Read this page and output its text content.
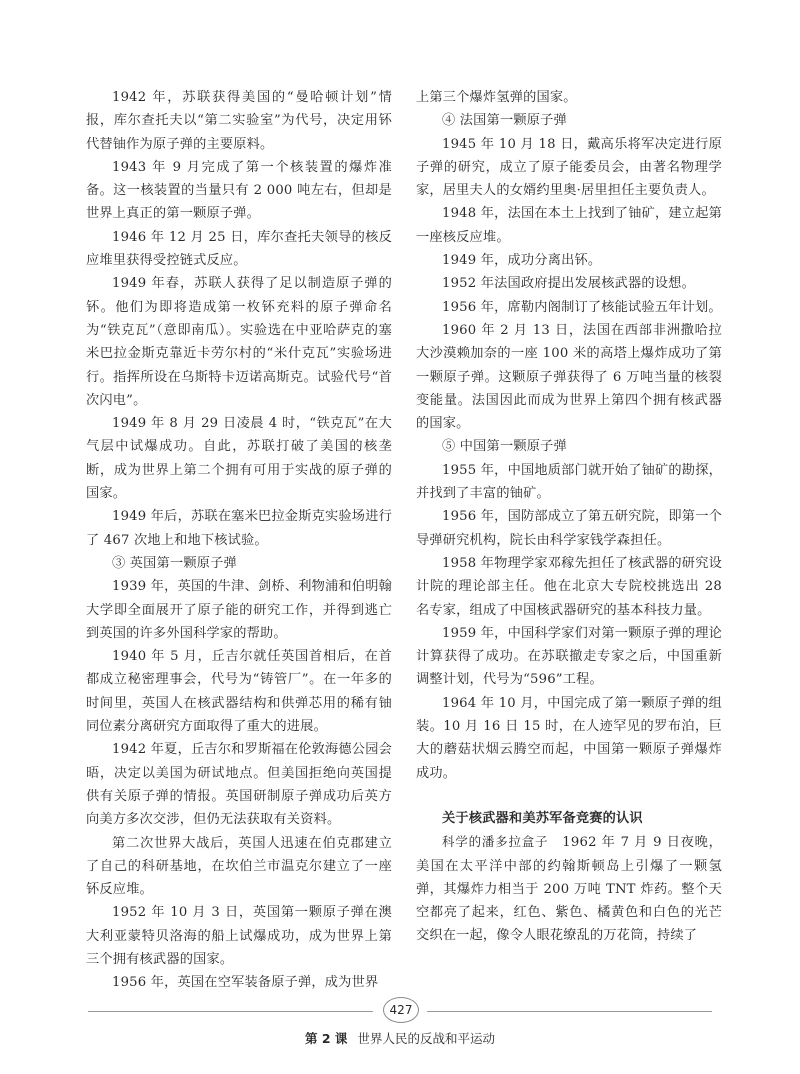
1942 年，苏联获得美国的“曼哈顿计划”情报，库尔查托夫以“第二实验室”为代号，决定用钚代替铀作为原子弹的主要原料。

1943 年 9 月完成了第一个核装置的爆炸准备。这一核装置的当量只有 2 000 吨左右，但却是世界上真正的第一颗原子弹。

1946 年 12 月 25 日，库尔查托夫领导的核反应堆里获得受控链式反应。

1949 年春，苏联人获得了足以制造原子弹的钚。他们为即将造成第一枚钚充料的原子弹命名为“铁克瓦”（意即南瓜）。实验选在中亚哈萨克的塞米巴拉金斯克靠近卡劳尔村的“米什克瓦”实验场进行。指挥所设在乌斯特卡迈诺高斯克。试验代号“首次闪电”。

1949 年 8 月 29 日凌晨 4 时，“铁克瓦”在大气层中试爆成功。自此，苏联打破了美国的核垄断，成为世界上第二个拥有可用于实战的原子弹的国家。

1949 年后，苏联在塞米巴拉金斯克实验场进行了 467 次地上和地下核试验。

③ 英国第一颗原子弹

1939 年，英国的牛津、剑桥、利物浦和伯明翰大学即全面展开了原子能的研究工作，并得到逃亡到英国的许多外国科学家的帮助。

1940 年 5 月，丘吉尔就任英国首相后，在首都成立秘密理事会，代号为“铸管厂”。在一年多的时间里，英国人在核武器结构和供弹芯用的稀有铀同位素分离研究方面取得了重大的进展。

1942 年夏，丘吉尔和罗斯福在伦敦海德公园会晤，决定以美国为研试地点。但美国拒绝向英国提供有关原子弹的情报。英国研制原子弹成功后英方向美方多次交涉，但仍无法获取有关资料。

第二次世界大战后，英国人迅速在伯克郡建立了自己的科研基地，在坎伯兰市温克尔建立了一座钚反应堆。

1952 年 10 月 3 日，英国第一颗原子弹在澳大利亚蒙特贝洛海的船上试爆成功，成为世界上第三个拥有核武器的国家。

1956 年，英国在空军装备原子弹，成为世界

上第三个爆炸氢弹的国家。

④ 法国第一颗原子弹

1945 年 10 月 18 日，戴高乐将军决定进行原子弹的研究，成立了原子能委员会，由著名物理学家，居里夫人的女婿约里奥·居里担任主要负责人。

1948 年，法国在本土上找到了铀矿，建立起第一座核反应堆。

1949 年，成功分离出钚。

1952 年法国政府提出发展核武器的设想。

1956 年，席勒内阁制订了核能试验五年计划。

1960 年 2 月 13 日，法国在西部非洲撒哈拉大沙漠赖加奈的一座 100 米的高塔上爆炸成功了第一颗原子弹。这颗原子弹获得了 6 万吨当量的核裂变能量。法国因此而成为世界上第四个拥有核武器的国家。

⑤ 中国第一颗原子弹

1955 年，中国地质部门就开始了铀矿的勘探，并找到了丰富的铀矿。

1956 年，国防部成立了第五研究院，即第一个导弹研究机构，院长由科学家钱学森担任。

1958 年物理学家邓稼先担任了核武器的研究设计院的理论部主任。他在北京大专院校挑选出 28 名专家，组成了中国核武器研究的基本科技力量。

1959 年，中国科学家们对第一颗原子弹的理论计算获得了成功。在苏联撤走专家之后，中国重新调整计划，代号为“596”工程。

1964 年 10 月，中国完成了第一颗原子弹的组装。10 月 16 日 15 时，在人迹罕见的罗布泊，巨大的蘑菇状烟云腾空而起，中国第一颗原子弹爆炸成功。

关于核武器和美苏军备竞赛的认识

科学的潘多拉盒子　 1962 年 7 月 9 日夜晚，美国在太平洋中部的约翰斯顿岛上引爆了一颗氢弹，其爆炸力相当于 200 万吨 TNT 炸药。整个天空都亮了起来，红色、紫色、橘黄色和白色的光芒交织在一起，像令人眼花缭乱的万花筒，持续了

427
第 2 课 世界人民的反战和平运动
